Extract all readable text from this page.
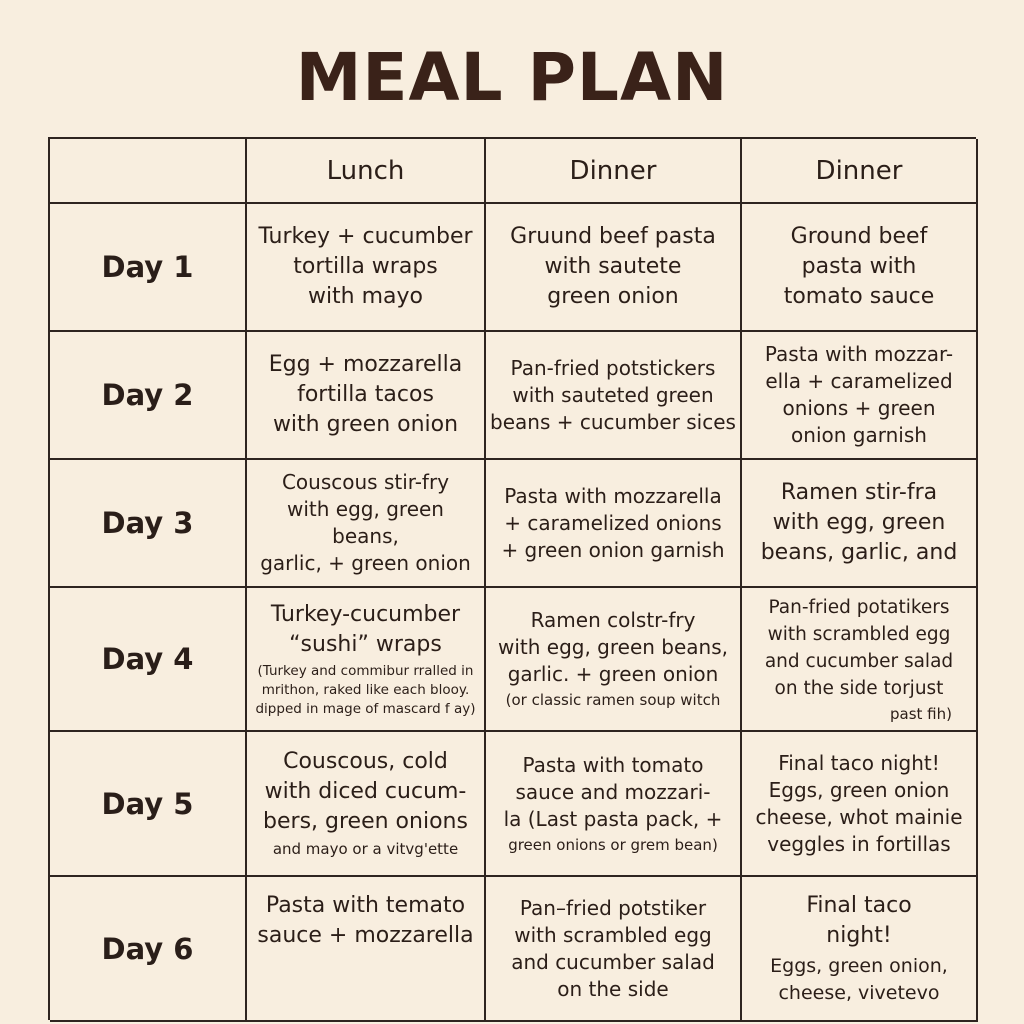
MEAL PLAN
Lunch	Dinner	Dinner
Day 1
Turkey + cucumber
tortilla wraps
with mayo
Gruund beef pasta
with sautete
green onion
Ground beef
pasta with
tomato sauce
Day 2
Egg + mozzarella
fortilla tacos
with green onion
Pan-fried potstickers
with sauteted green
beans + cucumber sices
Pasta with mozzar-
ella + caramelized
onions + green
onion garnish
Day 3
Couscous stir-fry
with egg, green beans,
garlic, + green onion
Pasta with mozzarella
+ caramelized onions
+ green onion garnish
Ramen stir-fra
with egg, green
beans, garlic, and
Day 4
Turkey-cucumber
“sushi” wraps
(Turkey and commibur rralled in
mrithon, raked like each blooy.
dipped in mage of mascard f ay)
Ramen colstr-fry
with egg, green beans,
garlic. + green onion
(or classic ramen soup witch
Pan-fried potatikers
with scrambled egg
and cucumber salad
on the side torjust
past fih)
Day 5
Couscous, cold
with diced cucum-
bers, green onions
and mayo or a vitvg'ette
Pasta with tomato
sauce and mozzari-
la (Last pasta pack, +
green onions or grem bean)
Final taco night!
Eggs, green onion
cheese, whot mainie
veggles in fortillas
Day 6
Pasta with temato
sauce + mozzarella
Pan–fried potstiker
with scrambled egg
and cucumber salad
on the side
Final taco
night!
Eggs, green onion,
cheese, vivetevo
